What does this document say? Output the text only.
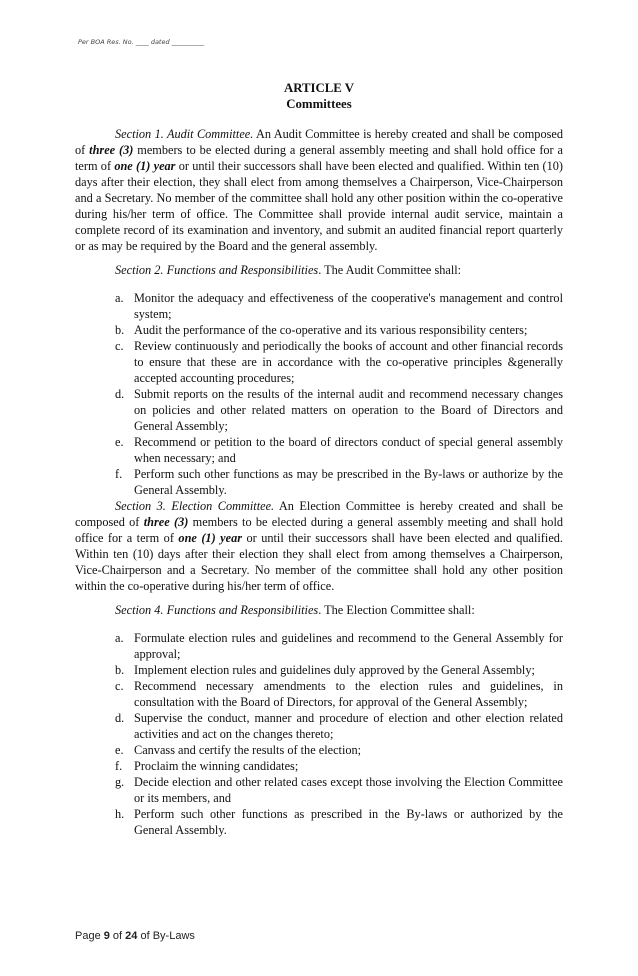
Per BOA Res. No. ____ dated __________
ARTICLE V
Committees

Section 1. Audit Committee. An Audit Committee is hereby created and shall be composed of three (3) members to be elected during a general assembly meeting and shall hold office for a term of one (1) year or until their successors shall have been elected and qualified. Within ten (10) days after their election, they shall elect from among themselves a Chairperson, Vice-Chairperson and a Secretary. No member of the committee shall hold any other position within the co-operative during his/her term of office. The Committee shall provide internal audit service, maintain a complete record of its examination and inventory, and submit an audited financial report quarterly or as may be required by the Board and the general assembly.

Section 2. Functions and Responsibilities. The Audit Committee shall:
a. Monitor the adequacy and effectiveness of the cooperative's management and control system;
b. Audit the performance of the co-operative and its various responsibility centers;
c. Review continuously and periodically the books of account and other financial records to ensure that these are in accordance with the co-operative principles &generally accepted accounting procedures;
d. Submit reports on the results of the internal audit and recommend necessary changes on policies and other related matters on operation to the Board of Directors and General Assembly;
e. Recommend or petition to the board of directors conduct of special general assembly when necessary; and
f. Perform such other functions as may be prescribed in the By-laws or authorize by the General Assembly.

Section 3. Election Committee. An Election Committee is hereby created and shall be composed of three (3) members to be elected during a general assembly meeting and shall hold office for a term of one (1) year or until their successors shall have been elected and qualified. Within ten (10) days after their election they shall elect from among themselves a Chairperson, Vice-Chairperson and a Secretary. No member of the committee shall hold any other position within the co-operative during his/her term of office.

Section 4. Functions and Responsibilities. The Election Committee shall:
a. Formulate election rules and guidelines and recommend to the General Assembly for approval;
b. Implement election rules and guidelines duly approved by the General Assembly;
c. Recommend necessary amendments to the election rules and guidelines, in consultation with the Board of Directors, for approval of the General Assembly;
d. Supervise the conduct, manner and procedure of election and other election related activities and act on the changes thereto;
e. Canvass and certify the results of the election;
f. Proclaim the winning candidates;
g. Decide election and other related cases except those involving the Election Committee or its members, and
h. Perform such other functions as prescribed in the By-laws or authorized by the General Assembly.
Page 9 of 24 of By-Laws
